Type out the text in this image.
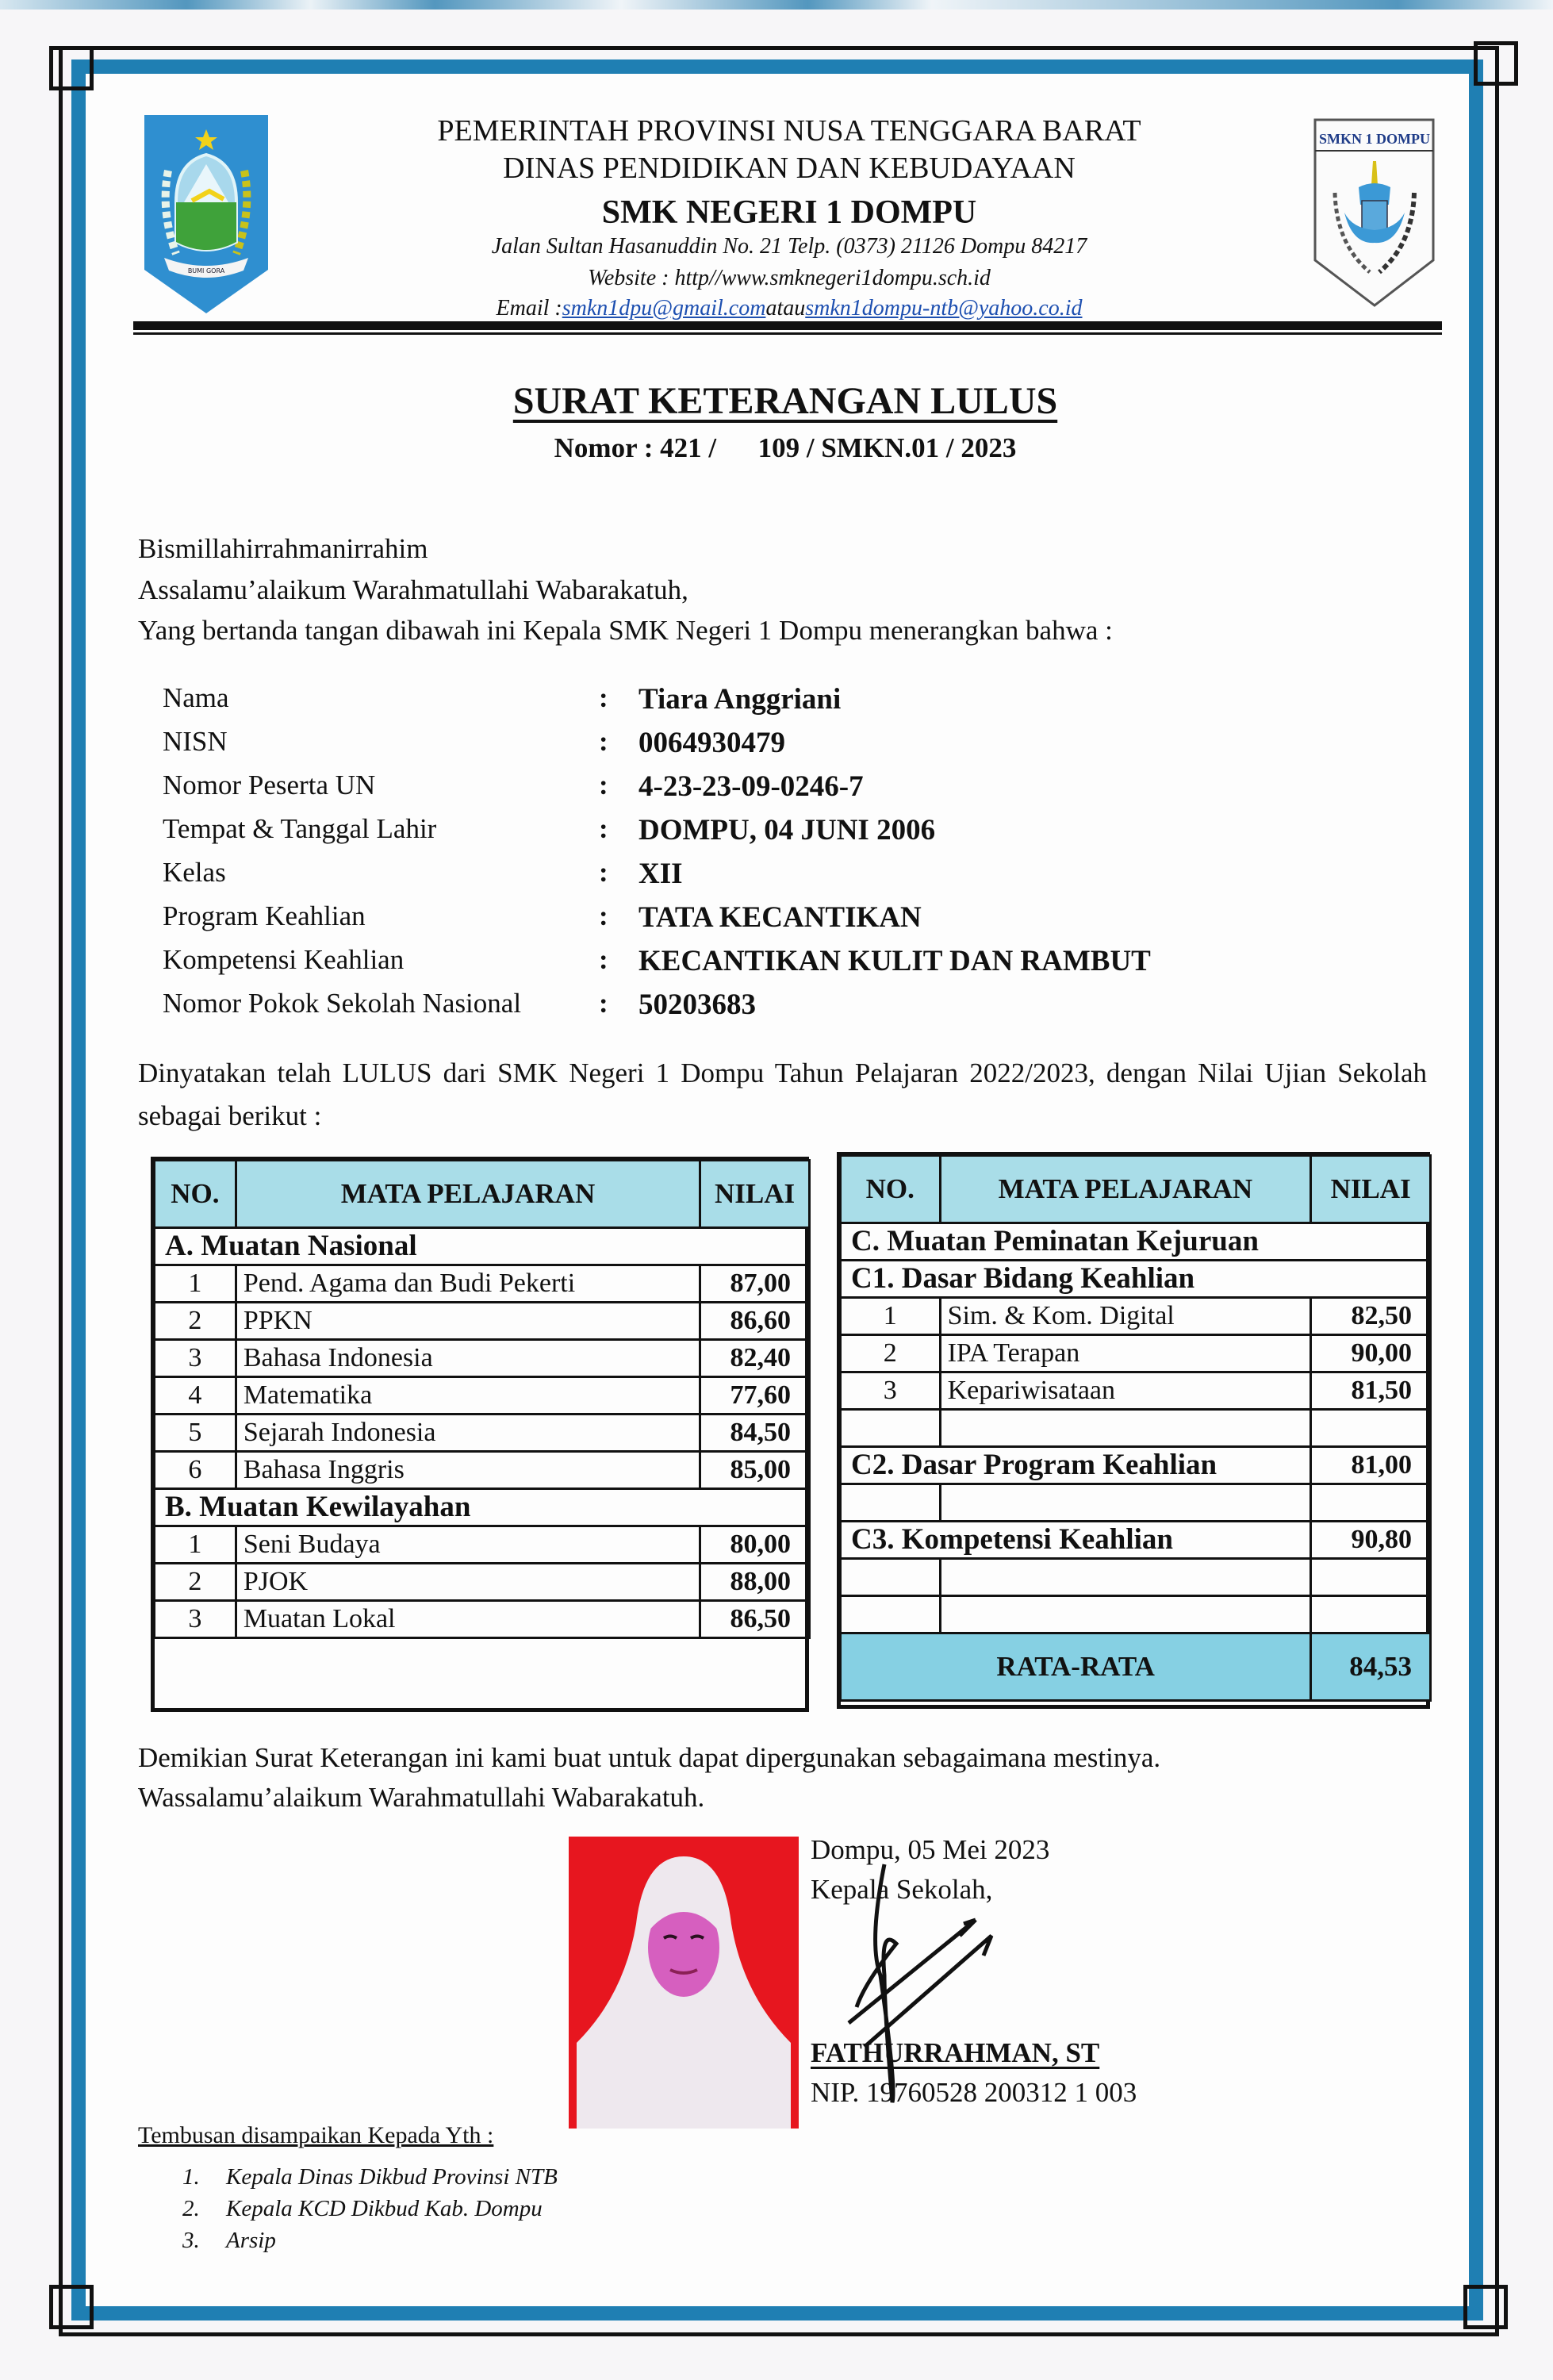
BUMI GORA
SMKN 1 DOMPU
PEMERINTAH PROVINSI NUSA TENGGARA BARAT
DINAS PENDIDIKAN DAN KEBUDAYAAN
SMK NEGERI 1 DOMPU
Jalan Sultan Hasanuddin No. 21 Telp. (0373) 21126 Dompu 84217
Website : http//www.smknegeri1dompu.sch.id
Email :smkn1dpu@gmail.comatausmkn1dompu-ntb@yahoo.co.id
SURAT KETERANGAN LULUS
Nomor : 421 /      109 / SMKN.01 / 2023
Bismillahirrahmanirrahim
Assalamu’alaikum Warahmatullahi Wabarakatuh,
Yang bertanda tangan dibawah ini Kepala SMK Negeri 1 Dompu menerangkan bahwa :
Nama	: Tiara Anggriani
NISN	: 0064930479
Nomor Peserta UN	: 4-23-23-09-0246-7
Tempat & Tanggal Lahir	: DOMPU, 04 JUNI 2006
Kelas	: XII
Program Keahlian	: TATA KECANTIKAN
Kompetensi Keahlian	: KECANTIKAN KULIT DAN RAMBUT
Nomor Pokok Sekolah Nasional	: 50203683
Dinyatakan telah LULUS dari SMK Negeri 1 Dompu Tahun Pelajaran 2022/2023, dengan Nilai Ujian Sekolah sebagai berikut :
NO.	MATA PELAJARAN	NILAI
A. Muatan Nasional		
1	Pend. Agama dan Budi Pekerti	87,00
2	PPKN	86,60
3	Bahasa Indonesia	82,40
4	Matematika	77,60
5	Sejarah Indonesia	84,50
6	Bahasa Inggris	85,00
B. Muatan Kewilayahan		
1	Seni Budaya	80,00
2	PJOK	88,00
3	Muatan Lokal	86,50
NO.	MATA PELAJARAN	NILAI
C. Muatan Peminatan Kejuruan		
C1. Dasar Bidang Keahlian		
1	Sim. & Kom. Digital	82,50
2	IPA Terapan	90,00
3	Kepariwisataan	81,50

C2. Dasar Program Keahlian		81,00

C3. Kompetensi Keahlian		90,80

RATA-RATA		84,53
Demikian Surat Keterangan ini kami buat untuk dapat dipergunakan sebagaimana mestinya.
Wassalamu’alaikum Warahmatullahi Wabarakatuh.
Dompu, 05 Mei 2023
Kepala Sekolah,
FATHURRAHMAN, ST
NIP. 19760528 200312 1 003
Tembusan disampaikan Kepada Yth :
1. Kepala Dinas Dikbud Provinsi NTB
2. Kepala KCD Dikbud Kab. Dompu
3. Arsip
